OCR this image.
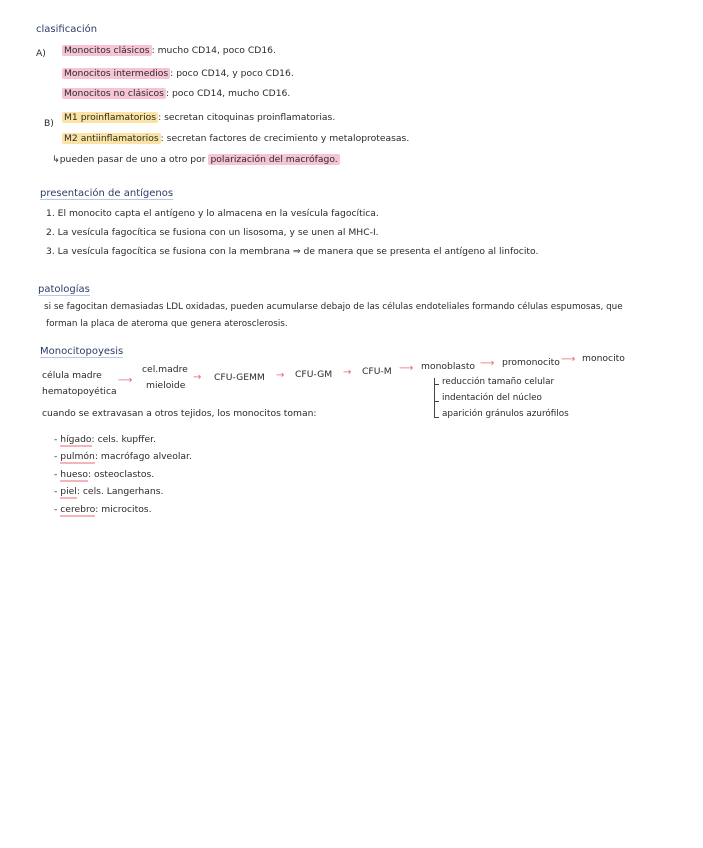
clasificación
A) Monocitos clásicos : mucho CD14, poco CD16.
Monocitos intermedios : poco CD14, y poco CD16.
Monocitos no clásicos : poco CD14, mucho CD16.
B)
M1 proinflamatorios : secretan citoquinas proinflamatorias.
M2 antiinflamatorios : secretan factores de crecimiento y metaloproteasas.
↳pueden pasar de uno a otro por polarización del macrófago.
presentación de antígenos
1. El monocito capta el antígeno y lo almacena en la vesícula fagocítica.
2. La vesícula fagocítica se fusiona con un lisosoma, y se unen al MHC-I.
3. La vesícula fagocítica se fusiona con la membrana ⇒ de manera que se presenta el antígeno al linfocito.
patologías
si se fagocitan demasiadas LDL oxidadas, pueden acumularse debajo de las células endoteliales formando células espumosas, que
forman la placa de ateroma que genera aterosclerosis.
Monocitopoyesis
célula madre
hematopoyética
⟶
cel.madre
mieloide
→ CFU-GEMM → CFU-GM → CFU-M ⟶ monoblasto ⟶ promonocito ⟶ monocito
reducción tamaño celular
indentación del núcleo
aparición gránulos azurófilos
cuando se extravasan a otros tejidos, los monocitos toman:
- hígado: cels. kupffer.
- pulmón: macrófago alveolar.
- hueso: osteoclastos.
- piel: cels. Langerhans.
- cerebro: microcitos.
